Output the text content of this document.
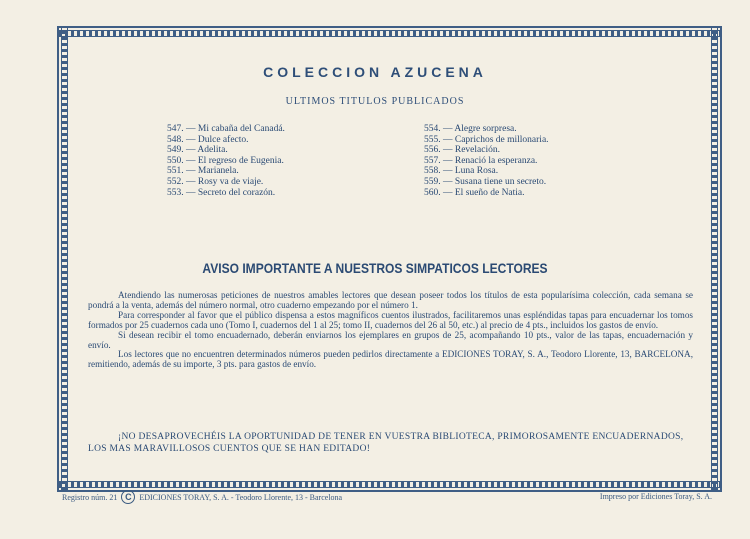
COLECCION AZUCENA
ULTIMOS TITULOS PUBLICADOS
547. — Mi cabaña del Canadá.
548. — Dulce afecto.
549. — Adelita.
550. — El regreso de Eugenia.
551. — Marianela.
552. — Rosy va de viaje.
553. — Secreto del corazón.
554. — Alegre sorpresa.
555. — Caprichos de millonaria.
556. — Revelación.
557. — Renació la esperanza.
558. — Luna Rosa.
559. — Susana tiene un secreto.
560. — El sueño de Natia.
AVISO IMPORTANTE A NUESTROS SIMPATICOS LECTORES

Atendiendo las numerosas peticiones de nuestros amables lectores que desean poseer todos los títulos de esta popularísima colección, cada semana se pondrá a la venta, además del número normal, otro cuaderno empezando por el número 1.

Para corresponder al favor que el público dispensa a estos magníficos cuentos ilustrados, facilitaremos unas espléndidas tapas para encuadernar los tomos formados por 25 cuadernos cada uno (Tomo I, cuadernos del 1 al 25; tomo II, cuadernos del 26 al 50, etc.) al precio de 4 pts., incluidos los gastos de envío.

Si desean recibir el tomo encuadernado, deberán enviarnos los ejemplares en grupos de 25, acompañando 10 pts., valor de las tapas, encuadernación y envío.

Los lectores que no encuentren determinados números pueden pedirlos directamente a EDICIONES TORAY, S. A., Teodoro Llorente, 13, BARCELONA, remitiendo, además de su importe, 3 pts. para gastos de envío.

¡NO DESAPROVECHÉIS LA OPORTUNIDAD DE TENER EN VUESTRA BIBLIOTECA, PRIMOROSAMENTE ENCUADERNADOS, LOS MAS MARAVILLOSOS CUENTOS QUE SE HAN EDITADO!
Registro núm. 21 C EDICIONES TORAY, S. A. - Teodoro Llorente, 13 - Barcelona	Impreso por Ediciones Toray, S. A.
